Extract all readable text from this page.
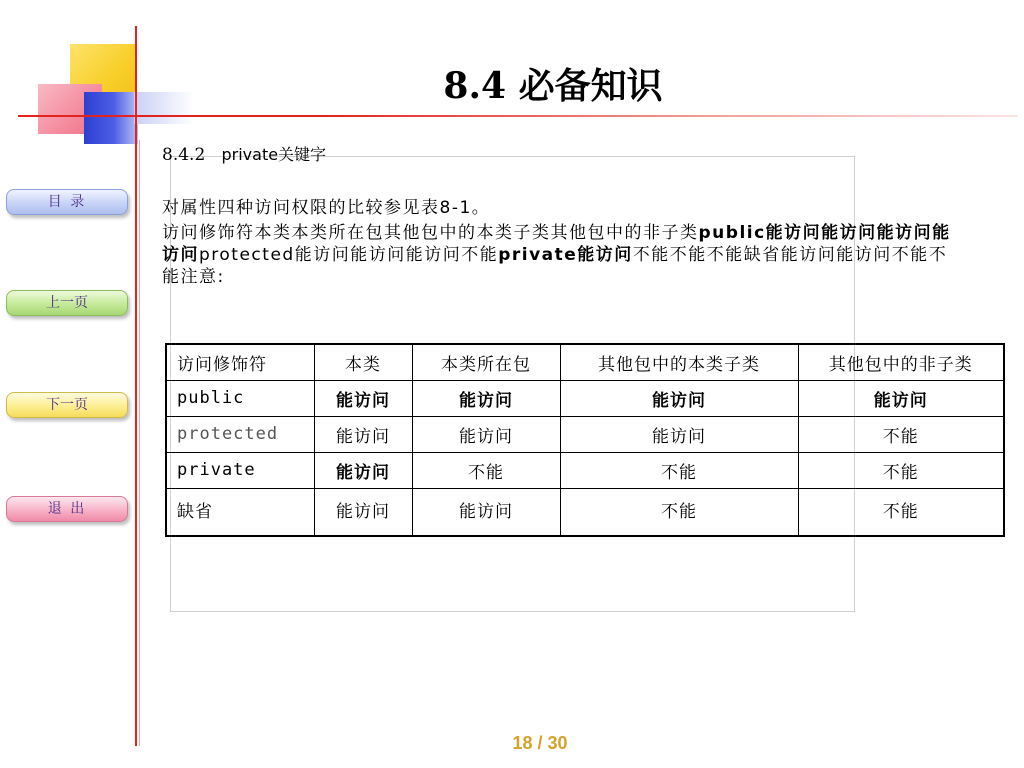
8.4 必备知识
目 录
上一页
下一页
退 出
8.4.2 private关键字
对属性四种访问权限的比较参见表8-1。
访问修饰符本类本类所在包其他包中的本类子类其他包中的非子类public能访问能访问能访问能访问protected能访问能访问能访问不能private能访问不能不能不能缺省能访问能访问不能不能注意:
访问修饰符	本类	本类所在包	其他包中的本类子类	其他包中的非子类
public	能访问	能访问	能访问	能访问
protected	能访问	能访问	能访问	不能
private	能访问	不能	不能	不能
缺省	能访问	能访问	不能	不能
18 / 30
